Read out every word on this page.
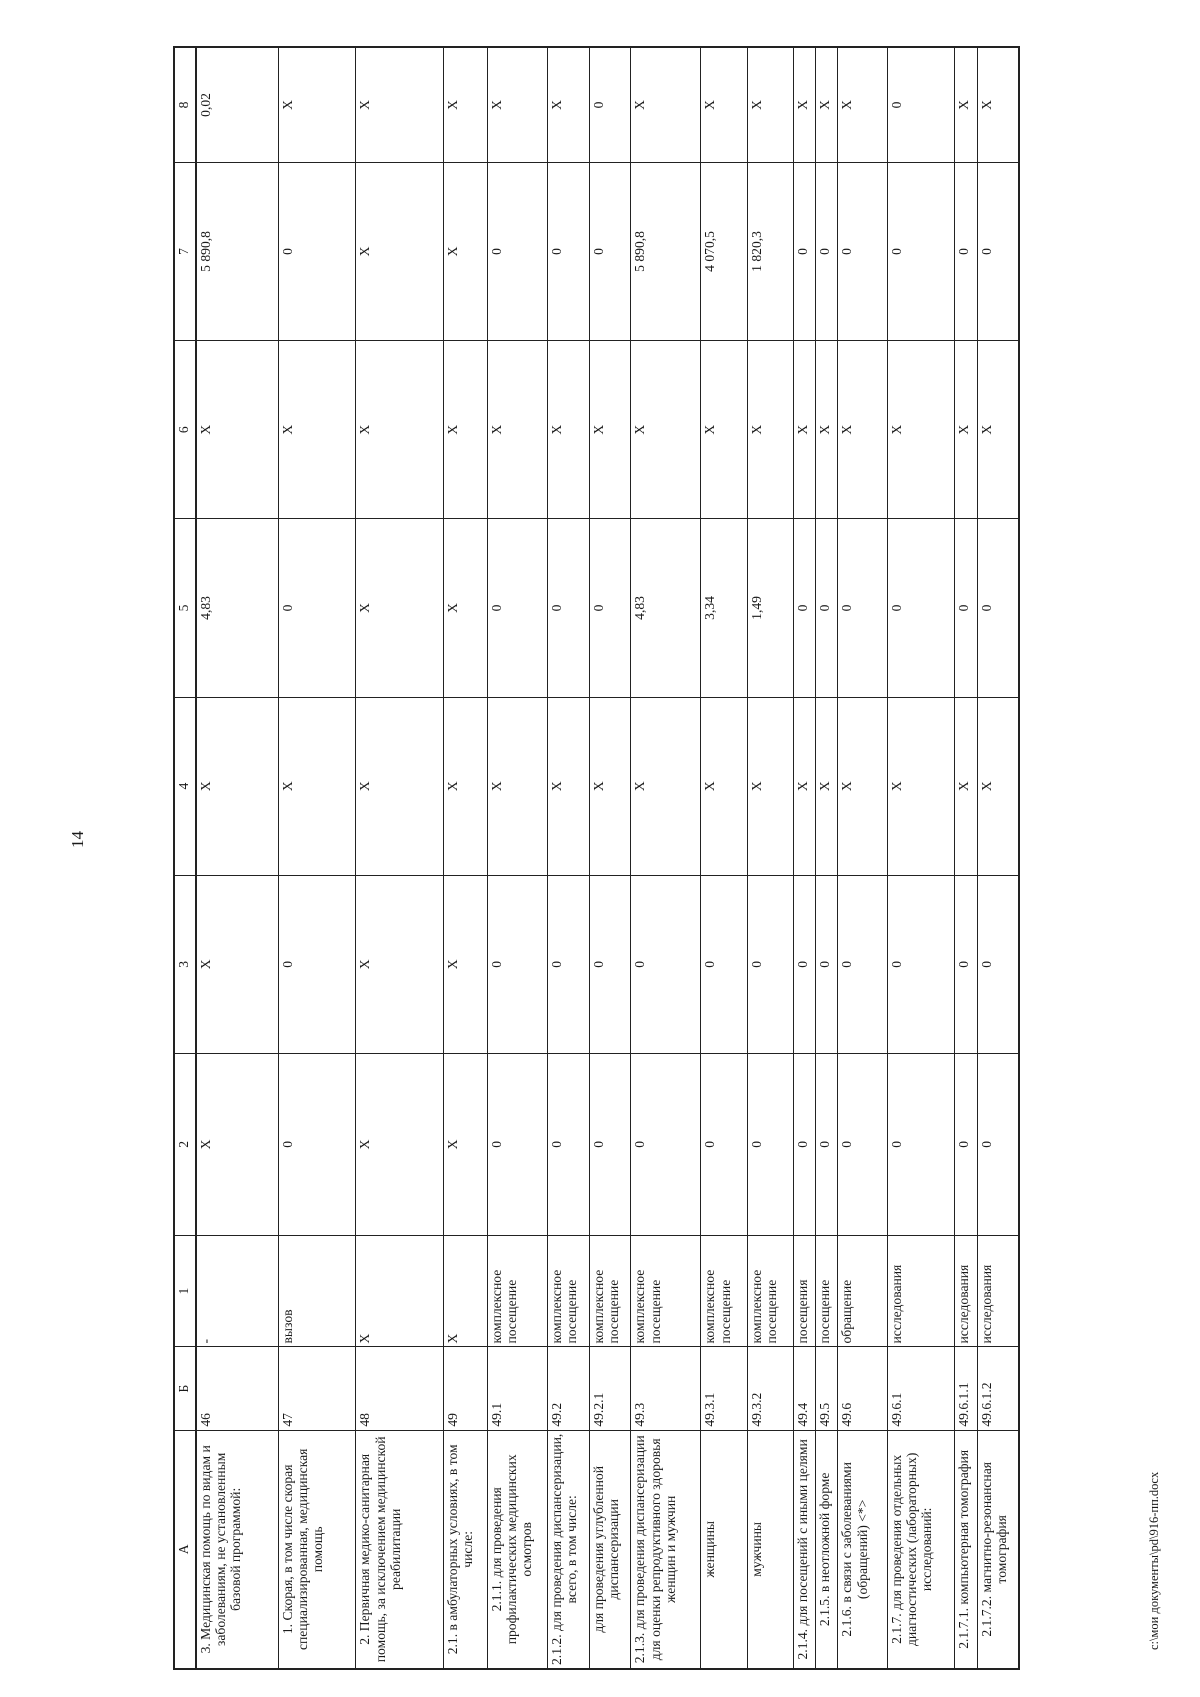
14
А	Б	1	2	3	4	5	6	7	8
3. Медицинская помощь по видам и заболеваниям, не установленным базовой программой:	46	-	Х	Х	Х	4,83	Х	5 890,8	0,02
1. Скорая, в том числе скорая специализированная, медицинская помощь	47	вызов	0	0	Х	0	Х	0	Х
2. Первичная медико-санитарная помощь, за исключением медицинской реабилитации	48	Х	Х	Х	Х	Х	Х	Х	Х
2.1. в амбулаторных условиях, в том числе:	49	Х	Х	Х	Х	Х	Х	Х	Х
2.1.1. для проведения профилактических медицинских осмотров	49.1	комплексное посещение	0	0	Х	0	Х	0	Х
2.1.2. для проведения диспансеризации, всего, в том числе:	49.2	комплексное посещение	0	0	Х	0	Х	0	Х
для проведения углубленной диспансеризации	49.2.1	комплексное посещение	0	0	Х	0	Х	0	0
2.1.3. для проведения диспансеризации для оценки репродуктивного здоровья женщин и мужчин	49.3	комплексное посещение	0	0	Х	4,83	Х	5 890,8	Х
женщины	49.3.1	комплексное посещение	0	0	Х	3,34	Х	4 070,5	Х
мужчины	49.3.2	комплексное посещение	0	0	Х	1,49	Х	1 820,3	Х
2.1.4. для посещений с иными целями	49.4	посещения	0	0	Х	0	Х	0	Х
2.1.5. в неотложной форме	49.5	посещение	0	0	Х	0	Х	0	Х
2.1.6. в связи с заболеваниями (обращений) <*>	49.6	обращение	0	0	Х	0	Х	0	Х
2.1.7. для проведения отдельных диагностических (лабораторных) исследований:	49.6.1	исследования	0	0	Х	0	Х	0	0
2.1.7.1. компьютерная томография	49.6.1.1	исследования	0	0	Х	0	Х	0	Х
2.1.7.2. магнитно-резонансная томография	49.6.1.2	исследования	0	0	Х	0	Х	0	Х
c:\мои документы\pd\916-пп.docx
